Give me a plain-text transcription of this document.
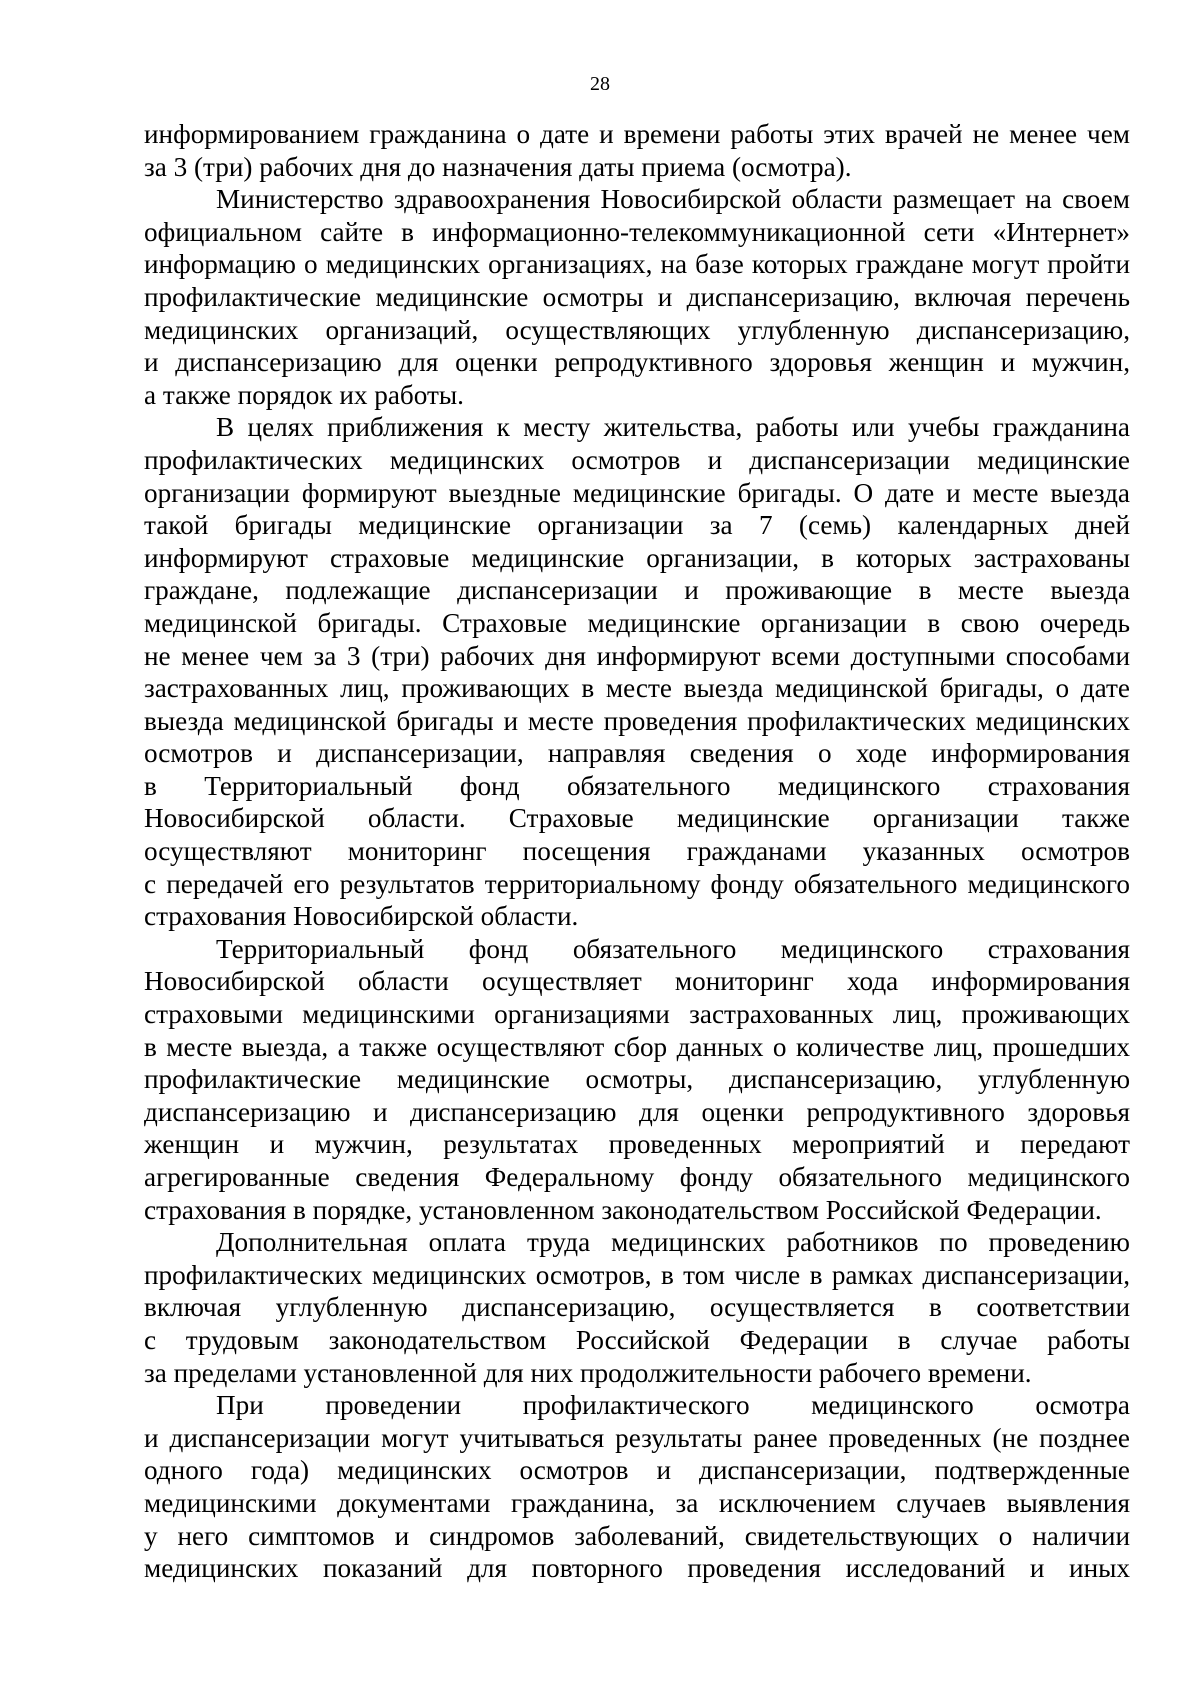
28
информированием гражданина о дате и времени работы этих врачей не менее чем
за 3 (три) рабочих дня до назначения даты приема (осмотра).
Министерство здравоохранения Новосибирской области размещает на своем
официальном сайте в информационно-телекоммуникационной сети «Интернет»
информацию о медицинских организациях, на базе которых граждане могут пройти
профилактические медицинские осмотры и диспансеризацию, включая перечень
медицинских организаций, осуществляющих углубленную диспансеризацию,
и диспансеризацию для оценки репродуктивного здоровья женщин и мужчин,
а также порядок их работы.
В целях приближения к месту жительства, работы или учебы гражданина
профилактических медицинских осмотров и диспансеризации медицинские
организации формируют выездные медицинские бригады. О дате и месте выезда
такой бригады медицинские организации за 7 (семь) календарных дней
информируют страховые медицинские организации, в которых застрахованы
граждане, подлежащие диспансеризации и проживающие в месте выезда
медицинской бригады. Страховые медицинские организации в свою очередь
не менее чем за 3 (три) рабочих дня информируют всеми доступными способами
застрахованных лиц, проживающих в месте выезда медицинской бригады, о дате
выезда медицинской бригады и месте проведения профилактических медицинских
осмотров и диспансеризации, направляя сведения о ходе информирования
в Территориальный фонд обязательного медицинского страхования
Новосибирской области. Страховые медицинские организации также
осуществляют мониторинг посещения гражданами указанных осмотров
с передачей его результатов территориальному фонду обязательного медицинского
страхования Новосибирской области.
Территориальный фонд обязательного медицинского страхования
Новосибирской области осуществляет мониторинг хода информирования
страховыми медицинскими организациями застрахованных лиц, проживающих
в месте выезда, а также осуществляют сбор данных о количестве лиц, прошедших
профилактические медицинские осмотры, диспансеризацию, углубленную
диспансеризацию и диспансеризацию для оценки репродуктивного здоровья
женщин и мужчин, результатах проведенных мероприятий и передают
агрегированные сведения Федеральному фонду обязательного медицинского
страхования в порядке, установленном законодательством Российской Федерации.
Дополнительная оплата труда медицинских работников по проведению
профилактических медицинских осмотров, в том числе в рамках диспансеризации,
включая углубленную диспансеризацию, осуществляется в соответствии
с трудовым законодательством Российской Федерации в случае работы
за пределами установленной для них продолжительности рабочего времени.
При проведении профилактического медицинского осмотра
и диспансеризации могут учитываться результаты ранее проведенных (не позднее
одного года) медицинских осмотров и диспансеризации, подтвержденные
медицинскими документами гражданина, за исключением случаев выявления
у него симптомов и синдромов заболеваний, свидетельствующих о наличии
медицинских показаний для повторного проведения исследований и иных
